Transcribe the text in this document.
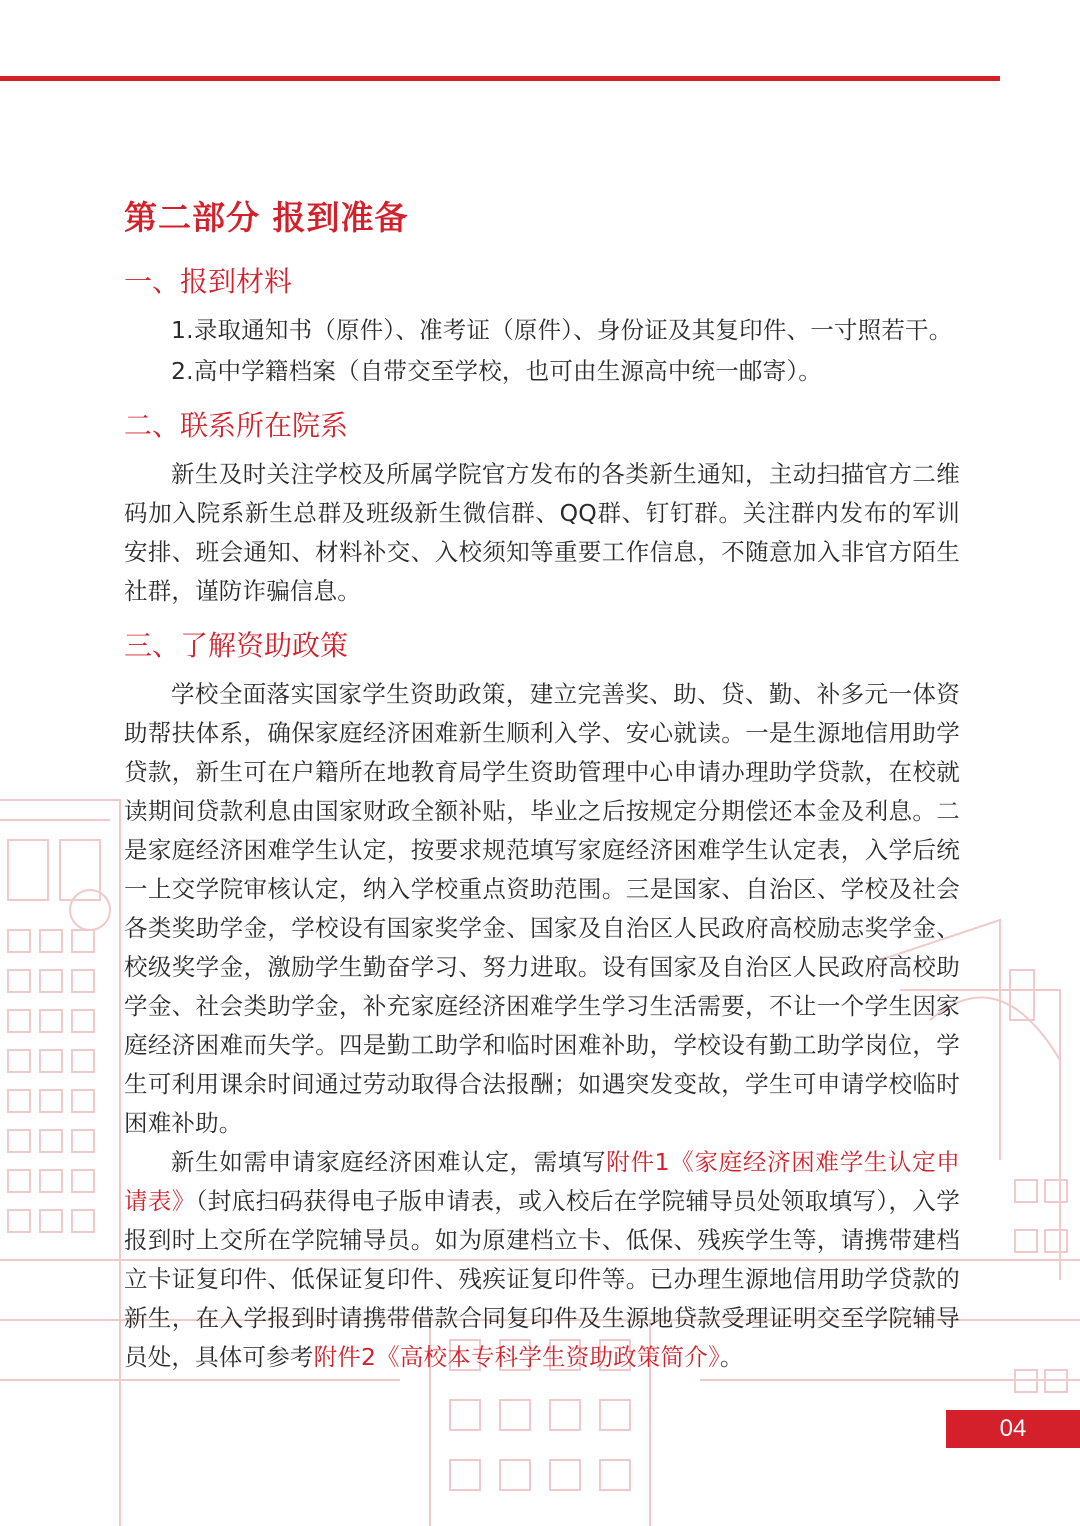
第二部分 报到准备
一、报到材料

1.录取通知书（原件）、准考证（原件）、身份证及其复印件、一寸照若干。

2.高中学籍档案（自带交至学校，也可由生源高中统一邮寄）。

二、联系所在院系

新生及时关注学校及所属学院官方发布的各类新生通知，主动扫描官方二维码加入院系新生总群及班级新生微信群、QQ群、钉钉群。关注群内发布的军训安排、班会通知、材料补交、入校须知等重要工作信息，不随意加入非官方陌生社群，谨防诈骗信息。

三、了解资助政策

学校全面落实国家学生资助政策，建立完善奖、助、贷、勤、补多元一体资助帮扶体系，确保家庭经济困难新生顺利入学、安心就读。一是生源地信用助学贷款，新生可在户籍所在地教育局学生资助管理中心申请办理助学贷款，在校就读期间贷款利息由国家财政全额补贴，毕业之后按规定分期偿还本金及利息。二是家庭经济困难学生认定，按要求规范填写家庭经济困难学生认定表，入学后统一上交学院审核认定，纳入学校重点资助范围。三是国家、自治区、学校及社会各类奖助学金，学校设有国家奖学金、国家及自治区人民政府高校励志奖学金、校级奖学金，激励学生勤奋学习、努力进取。设有国家及自治区人民政府高校助学金、社会类助学金，补充家庭经济困难学生学习生活需要，不让一个学生因家庭经济困难而失学。四是勤工助学和临时困难补助，学校设有勤工助学岗位，学生可利用课余时间通过劳动取得合法报酬；如遇突发变故，学生可申请学校临时困难补助。

新生如需申请家庭经济困难认定，需填写附件1《家庭经济困难学生认定申请表》（封底扫码获得电子版申请表，或入校后在学院辅导员处领取填写），入学报到时上交所在学院辅导员。如为原建档立卡、低保、残疾学生等，请携带建档立卡证复印件、低保证复印件、残疾证复印件等。已办理生源地信用助学贷款的新生，在入学报到时请携带借款合同复印件及生源地贷款受理证明交至学院辅导员处，具体可参考附件2《高校本专科学生资助政策简介》。

04
